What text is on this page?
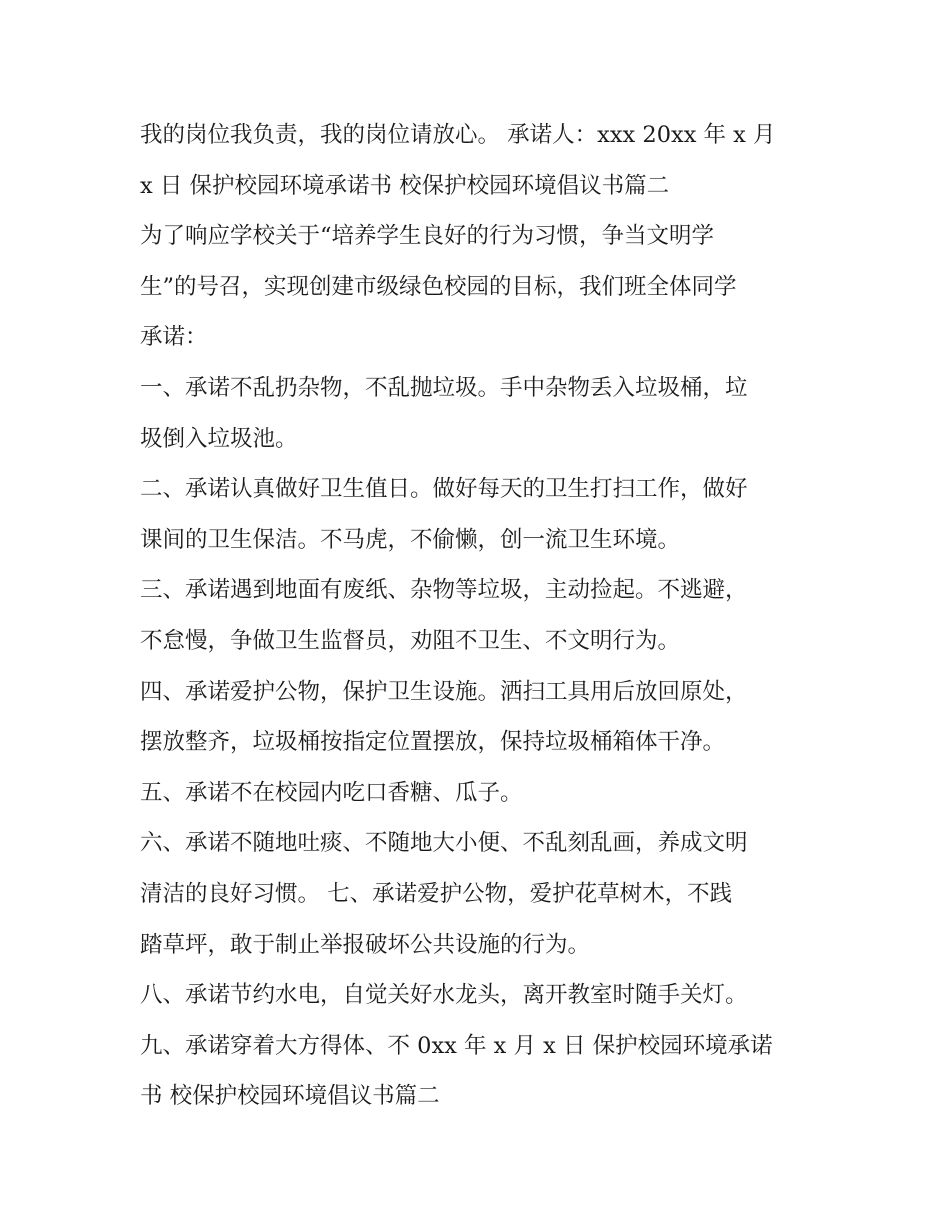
我的岗位我负责，我的岗位请放心。 承诺人：xxx 20xx 年 x 月
x 日 保护校园环境承诺书 校保护校园环境倡议书篇二
为了响应学校关于“培养学生良好的行为习惯，争当文明学
生”的号召，实现创建市级绿色校园的目标，我们班全体同学
承诺：
一、承诺不乱扔杂物，不乱抛垃圾。手中杂物丢入垃圾桶，垃
圾倒入垃圾池。
二、承诺认真做好卫生值日。做好每天的卫生打扫工作，做好
课间的卫生保洁。不马虎，不偷懒，创一流卫生环境。
三、承诺遇到地面有废纸、杂物等垃圾，主动捡起。不逃避，
不怠慢，争做卫生监督员，劝阻不卫生、不文明行为。
四、承诺爱护公物，保护卫生设施。洒扫工具用后放回原处，
摆放整齐，垃圾桶按指定位置摆放，保持垃圾桶箱体干净。
五、承诺不在校园内吃口香糖、瓜子。
六、承诺不随地吐痰、不随地大小便、不乱刻乱画，养成文明
清洁的良好习惯。 七、承诺爱护公物，爱护花草树木，不践
踏草坪，敢于制止举报破坏公共设施的行为。
八、承诺节约水电，自觉关好水龙头，离开教室时随手关灯。
九、承诺穿着大方得体、不 0xx 年 x 月 x 日 保护校园环境承诺
书 校保护校园环境倡议书篇二
